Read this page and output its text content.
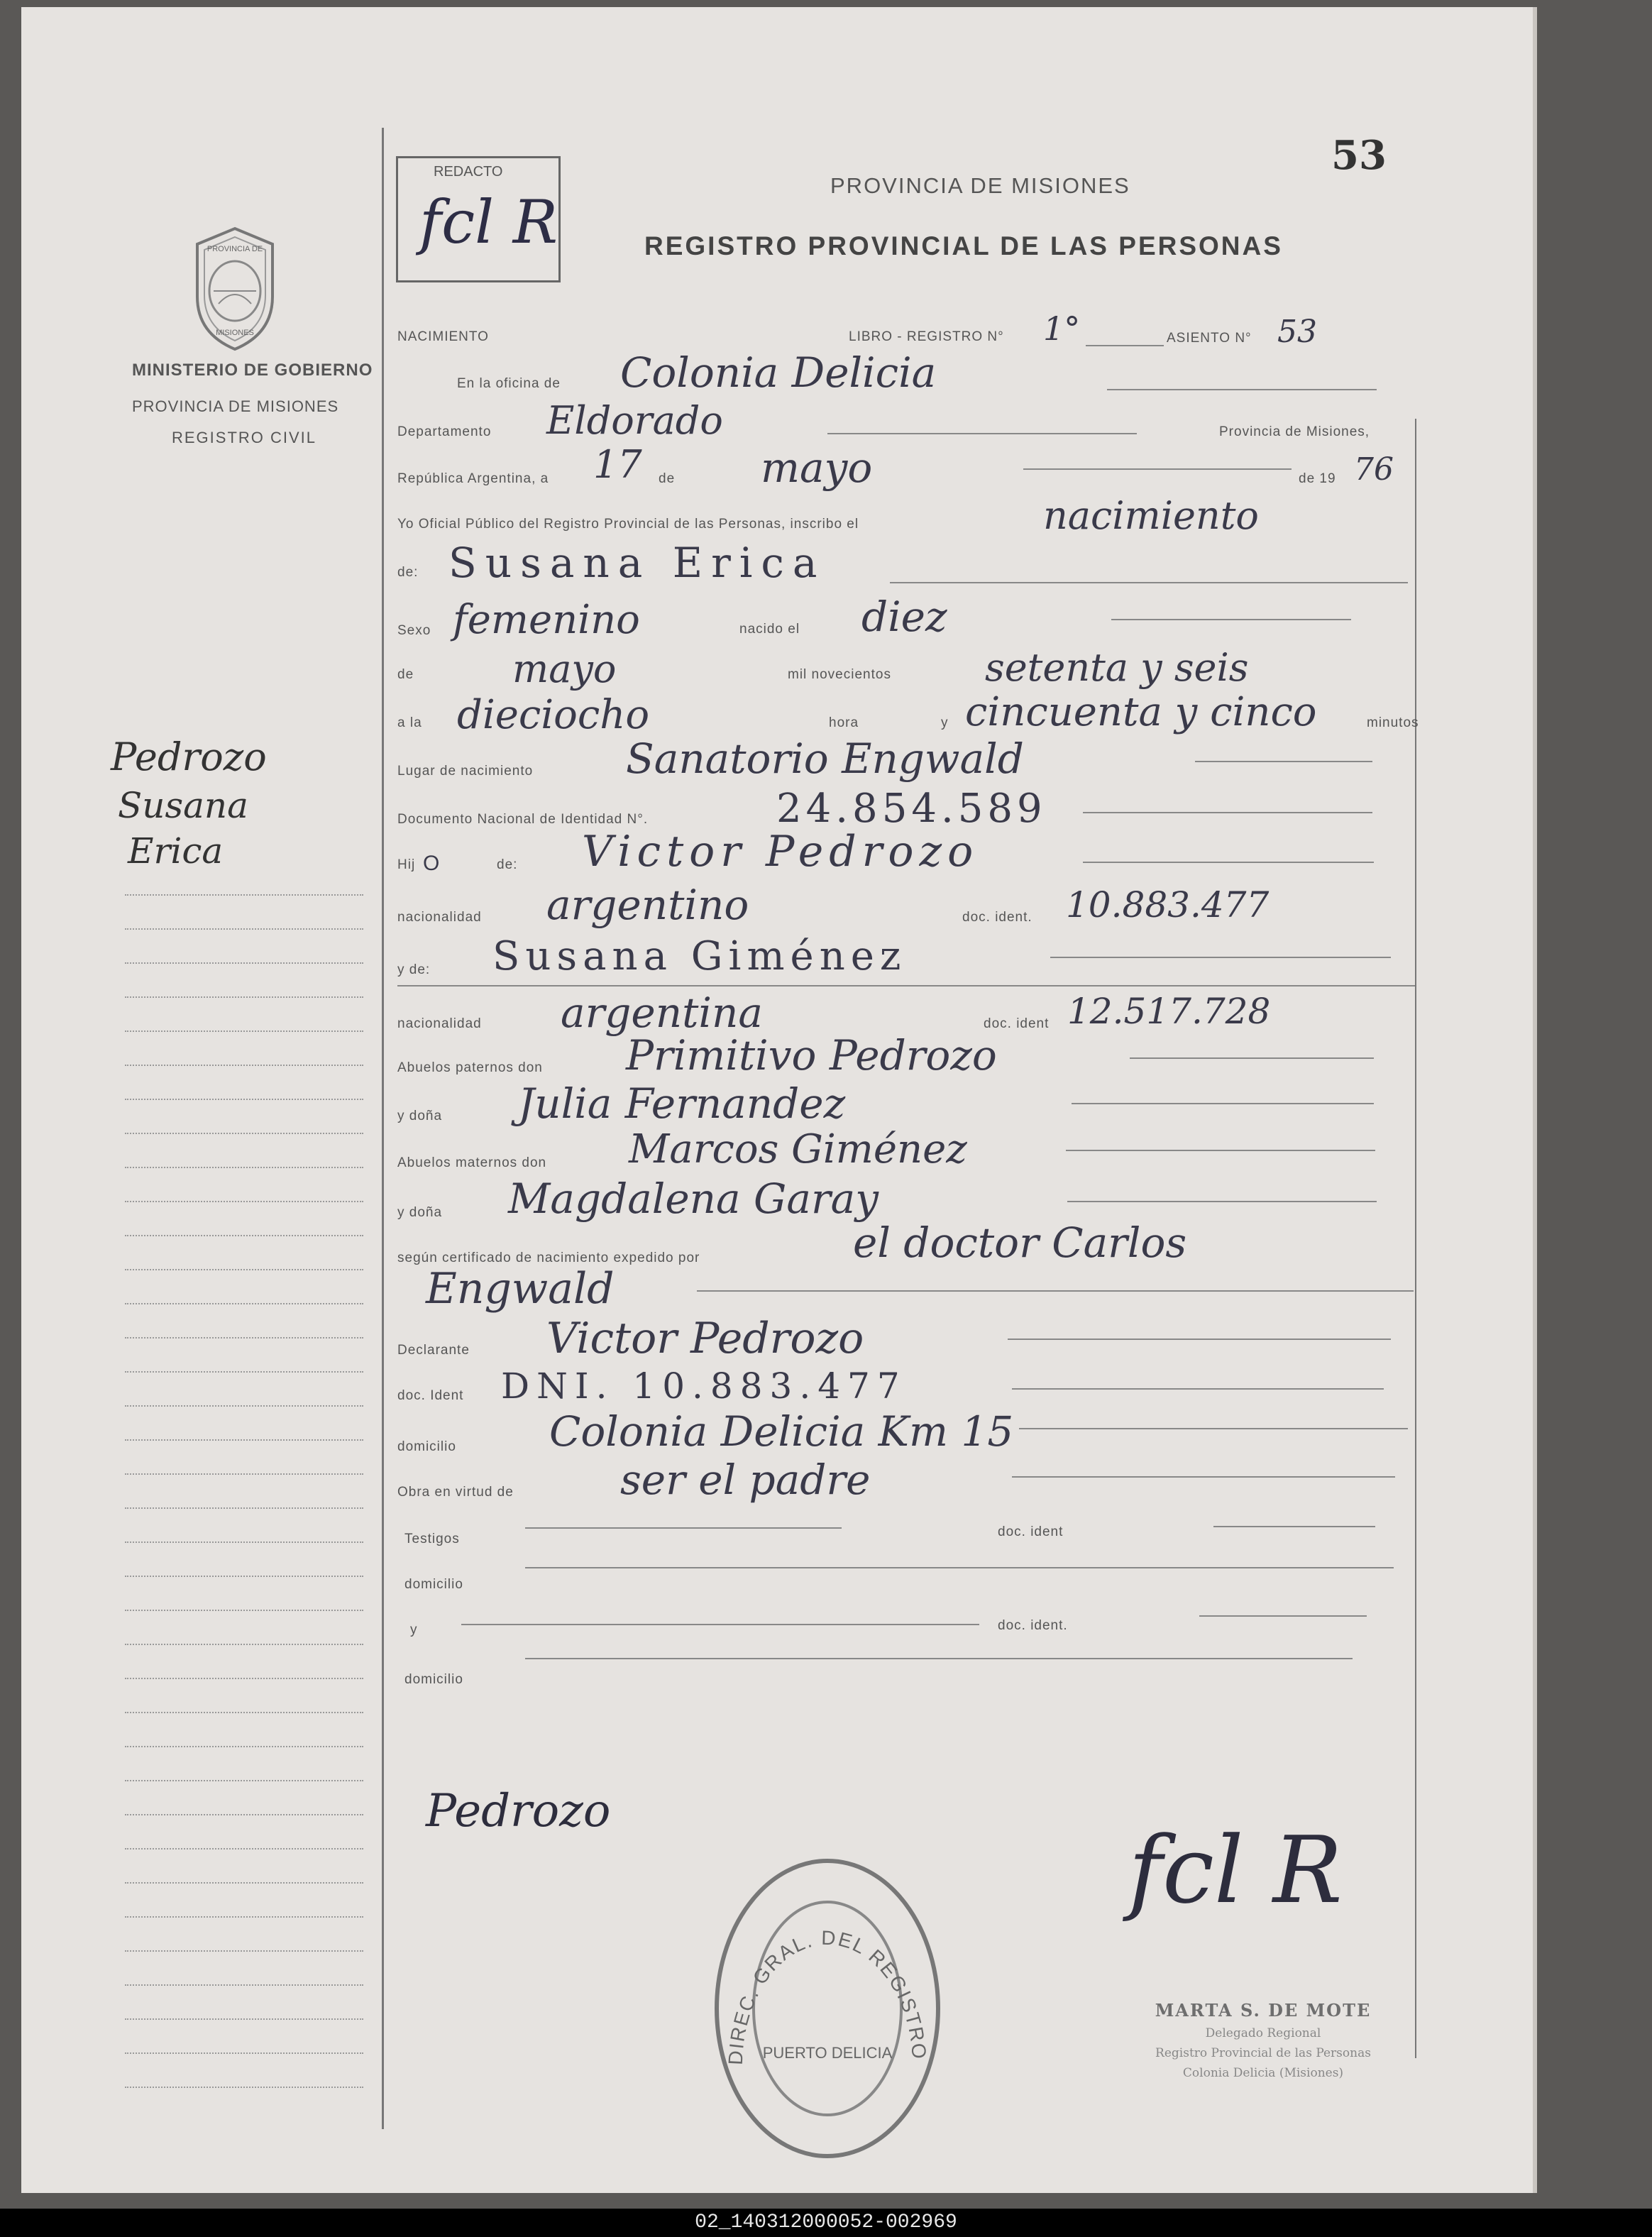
53
REDACTO
fcl R
PROVINCIA DE MISIONES
REGISTRO PROVINCIAL DE LAS PERSONAS
PROVINCIA DE
MISIONES
MINISTERIO DE GOBIERNO
PROVINCIA DE MISIONES
REGISTRO CIVIL
Pedrozo
Susana
Erica
NACIMIENTO	LIBRO - REGISTRO N° 1°	ASIENTO N° 53
En la oficina de Colonia Delicia
Departamento Eldorado	Provincia de Misiones,
República Argentina, a 17 de mayo	de 19 76
Yo Oficial Público del Registro Provincial de las Personas, inscribo el	nacimiento
de: Susana Erica
Sexo femenino	nacido el diez
de	mayo	mil novecientos setenta y seis
a la dieciocho	hora	y cincuenta y cinco	minutos
Lugar de nacimiento Sanatorio Engwald
Documento Nacional de Identidad N°.	24.854.589
Hij O	de: Victor Pedrozo
nacionalidad argentino	doc. ident. 10.883.477
y de: Susana Giménez
nacionalidad argentina	doc. ident 12.517.728
Abuelos paternos don Primitivo Pedrozo
y doña Julia Fernandez
Abuelos maternos don Marcos Giménez
y doña Magdalena Garay
según certificado de nacimiento expedido por	el doctor Carlos
Engwald
Declarante Victor Pedrozo
doc. Ident DNI. 10.883.477
domicilio Colonia Delicia Km 15
Obra en virtud de	ser el padre
Testigos	doc. ident
domicilio
y	doc. ident.
domicilio
Pedrozo
fcl R
DIREC. GRAL. DEL REGISTRO
PUERTO DELICIA
MARTA S. DE MOTE
Delegado Regional
Registro Provincial de las Personas
Colonia Delicia (Misiones)
02_140312000052-002969
